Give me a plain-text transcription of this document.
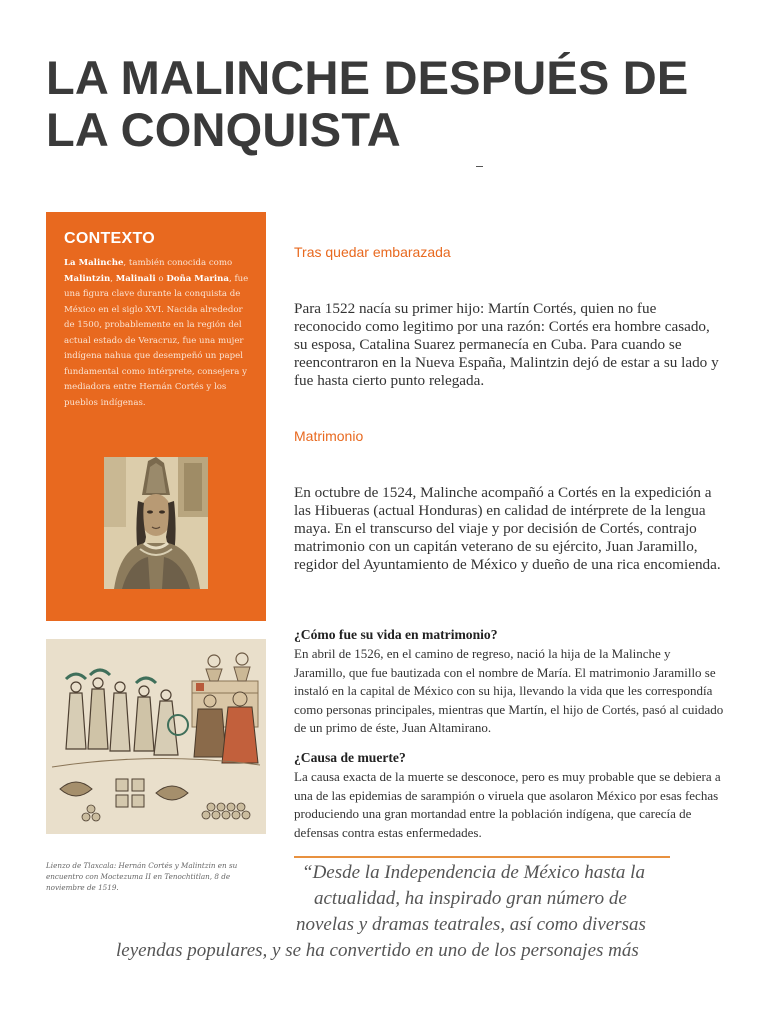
LA MALINCHE DESPUÉS DE
LA CONQUISTA
CONTEXTO

La Malinche, también conocida como Malintzin, Malinali o Doña Marina, fue una figura clave durante la conquista de México en el siglo XVI. Nacida alrededor de 1500, probablemente en la región del actual estado de Veracruz, fue una mujer indígena nahua que desempeñó un papel fundamental como intérprete, consejera y mediadora entre Hernán Cortés y los pueblos indígenas.

Lienzo de Tlaxcala: Hernán Cortés y Malintzin en su encuentro con Moctezuma II en Tenochtitlan, 8 de noviembre de 1519.

Tras quedar embarazada

Para 1522 nacía su primer hijo: Martín Cortés, quien no fue reconocido como legitimo por una razón: Cortés era hombre casado, su esposa, Catalina Suarez permanecía en Cuba. Para cuando se reencontraron en la Nueva España, Malintzin dejó de estar a su lado y fue hasta cierto punto relegada.

Matrimonio

En octubre de 1524, Malinche acompañó a Cortés en la expedición a las Hibueras (actual Honduras) en calidad de intérprete de la lengua maya. En el transcurso del viaje y por decisión de Cortés, contrajo matrimonio con un capitán veterano de su ejército, Juan Jaramillo, regidor del Ayuntamiento de México y dueño de una rica encomienda.

¿Cómo fue su vida en matrimonio?

En abril de 1526, en el camino de regreso, nació la hija de la Malinche y Jaramillo, que fue bautizada con el nombre de María. El matrimonio Jaramillo se instaló en la capital de México con su hija, llevando la vida que les correspondía como personas principales, mientras que Martín, el hijo de Cortés, pasó al cuidado de un primo de éste, Juan Altamirano.

¿Causa de muerte?

La causa exacta de la muerte se desconoce, pero es muy probable que se debiera a una de las epidemias de sarampión o viruela que asolaron México por esas fechas produciendo una gran mortandad entre la población indígena, que carecía de defensas contra estas enfermedades.

“Desde la Independencia de México hasta la
actualidad, ha inspirado gran número de
novelas y dramas teatrales, así como diversas
leyendas populares, y se ha convertido en uno de los personajes más
